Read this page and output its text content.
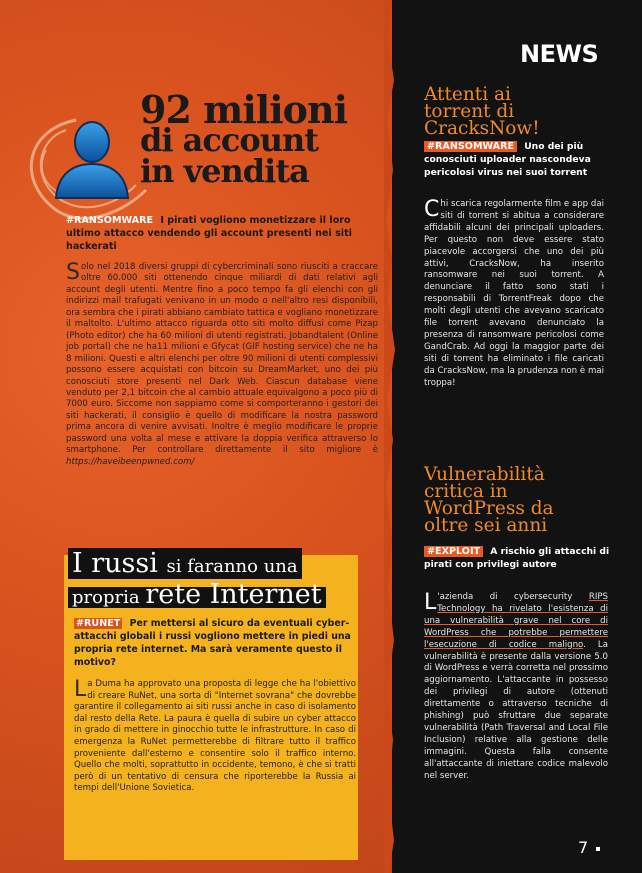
92 milioni
di account
in vendita
#RANSOMWARE I pirati vogliono monetizzare il loro ultimo attacco vendendo gli account presenti nei siti hackerati
Solo nel 2018 diversi gruppi di cybercriminali sono riusciti a craccare oltre 60.000 siti ottenendo cinque miliardi di dati relativi agli account degli utenti. Mentre fino a poco tempo fa gli elenchi con gli indirizzi mail trafugati venivano in un modo o nell'altro resi disponibili, ora sembra che i pirati abbiano cambiato tattica e vogliano monetizzare il maltolto. L'ultimo attacco riguarda otto siti molto diffusi come Pizap (Photo editor) che ha 60 milioni di utenti registrati, Jobandtalent (Online job portal) che ne ha11 milioni e Gfycat (GIF hosting service) che ne ha 8 milioni. Questi e altri elenchi per oltre 90 milioni di utenti complessivi possono essere acquistati con bitcoin su DreamMarket, uno dei più conosciuti store presenti nel Dark Web. Ciascun database viene venduto per 2,1 bitcoin che al cambio attuale equivalgono a poco più di 7000 euro. Siccome non sappiamo come si comporteranno i gestori dei siti hackerati, il consiglio è quello di modificare la nostra password prima ancora di venire avvisati. Inoltre è meglio modificare le proprie password una volta al mese e attivare la doppia verifica attraverso lo smartphone. Per controllare direttamente il sito migliore è https://haveibeenpwned.com/
I russi si faranno una
propria rete Internet
#RUNET Per mettersi al sicuro da eventuali cyber-attacchi globali i russi vogliono mettere in piedi una propria rete internet. Ma sarà veramente questo il motivo?
La Duma ha approvato una proposta di legge che ha l'obiettivo di creare RuNet, una sorta di "Internet sovrana" che dovrebbe garantire il collegamento ai siti russi anche in caso di isolamento dal resto della Rete. La paura è quella di subire un cyber attacco in grado di mettere in ginocchio tutte le infrastrutture. In caso di emergenza la RuNet permetterebbe di filtrare tutto il traffico proveniente dall'esterno e consentire solo il traffico interno. Quello che molti, soprattutto in occidente, temono, è che si tratti però di un tentativo di censura che riporterebbe la Russia ai tempi dell'Unione Sovietica.
NEWS
Attenti ai
torrent di
CracksNow!
#RANSOMWARE Uno dei più conosciuti uploader nascondeva pericolosi virus nei suoi torrent
Chi scarica regolarmente film e app dai siti di torrent si abitua a considerare affidabili alcuni dei principali uploaders. Per questo non deve essere stato piacevole accorgersi che uno dei più attivi, CracksNow, ha inserito ransomware nei suoi torrent. A denunciare il fatto sono stati i responsabili di TorrentFreak dopo che molti degli utenti che avevano scaricato file torrent avevano denunciato la presenza di ransomware pericolosi come GandCrab. Ad oggi la maggior parte dei siti di torrent ha eliminato i file caricati da CracksNow, ma la prudenza non è mai troppa!
Vulnerabilità
critica in
WordPress da
oltre sei anni
#EXPLOIT A rischio gli attacchi di pirati con privilegi autore
L 'azienda di cybersecurity RIPS Technology ha rivelato l'esistenza di una vulnerabilità grave nel core di WordPress che potrebbe permettere l'esecuzione di codice maligno. La vulnerabilità è presente dalla versione 5.0 di WordPress e verrà corretta nel prossimo aggiornamento. L'attaccante in possesso dei privilegi di autore (ottenuti direttamente o attraverso tecniche di phishing) può sfruttare due separate vulnerabilità (Path Traversal and Local File Inclusion) relative alla gestione delle immagini. Questa falla consente all'attaccante di iniettare codice malevolo nel server.
7
